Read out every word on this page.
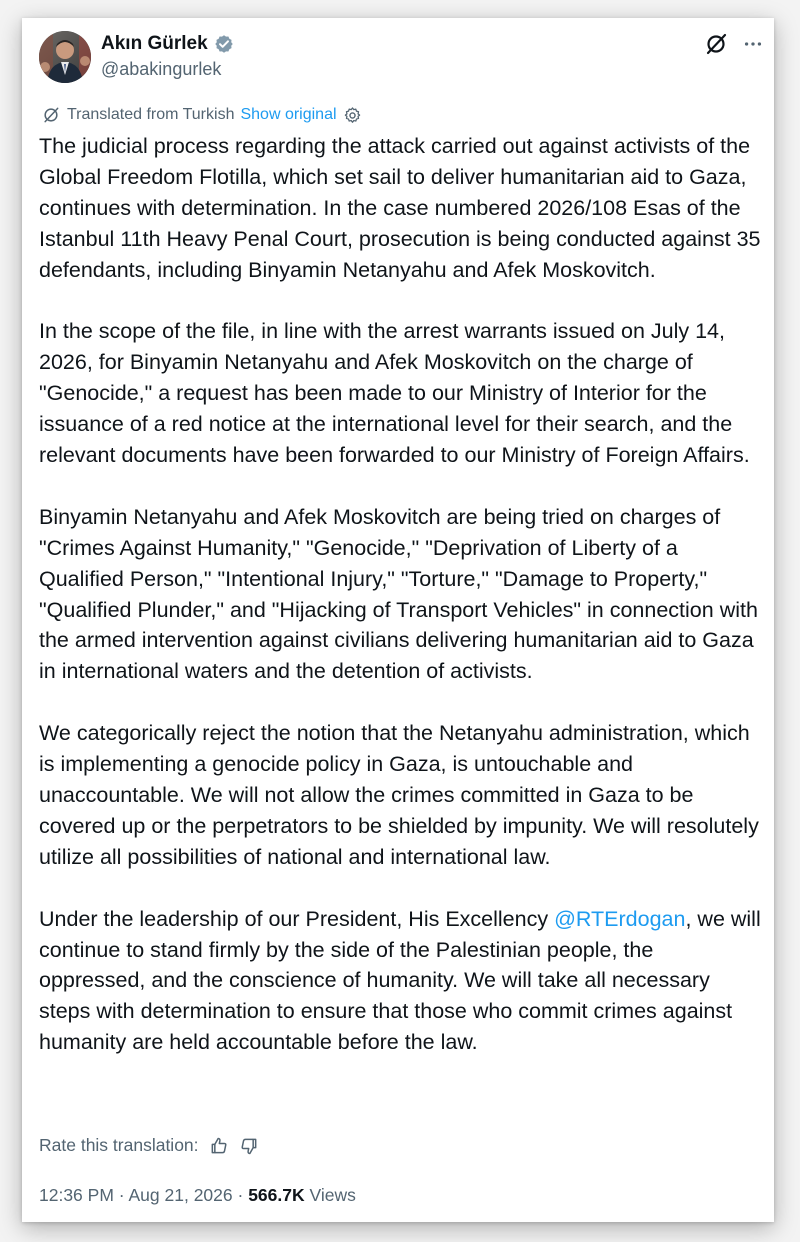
Akın Gürlek
@abakingurlek
Translated from Turkish Show original

The judicial process regarding the attack carried out against activists of the Global Freedom Flotilla, which set sail to deliver humanitarian aid to Gaza, continues with determination. In the case numbered 2026/108 Esas of the Istanbul 11th Heavy Penal Court, prosecution is being conducted against 35 defendants, including Binyamin Netanyahu and Afek Moskovitch.

In the scope of the file, in line with the arrest warrants issued on July 14, 2026, for Binyamin Netanyahu and Afek Moskovitch on the charge of "Genocide," a request has been made to our Ministry of Interior for the issuance of a red notice at the international level for their search, and the relevant documents have been forwarded to our Ministry of Foreign Affairs.

Binyamin Netanyahu and Afek Moskovitch are being tried on charges of "Crimes Against Humanity," "Genocide," "Deprivation of Liberty of a Qualified Person," "Intentional Injury," "Torture," "Damage to Property," "Qualified Plunder," and "Hijacking of Transport Vehicles" in connection with the armed intervention against civilians delivering humanitarian aid to Gaza in international waters and the detention of activists.

We categorically reject the notion that the Netanyahu administration, which is implementing a genocide policy in Gaza, is untouchable and unaccountable. We will not allow the crimes committed in Gaza to be covered up or the perpetrators to be shielded by impunity. We will resolutely utilize all possibilities of national and international law.

Under the leadership of our President, His Excellency @RTErdogan, we will continue to stand firmly by the side of the Palestinian people, the oppressed, and the conscience of humanity. We will take all necessary steps with determination to ensure that those who commit crimes against humanity are held accountable before the law.

Rate this translation:
12:36 PM · Aug 21, 2026 · 566.7K Views
